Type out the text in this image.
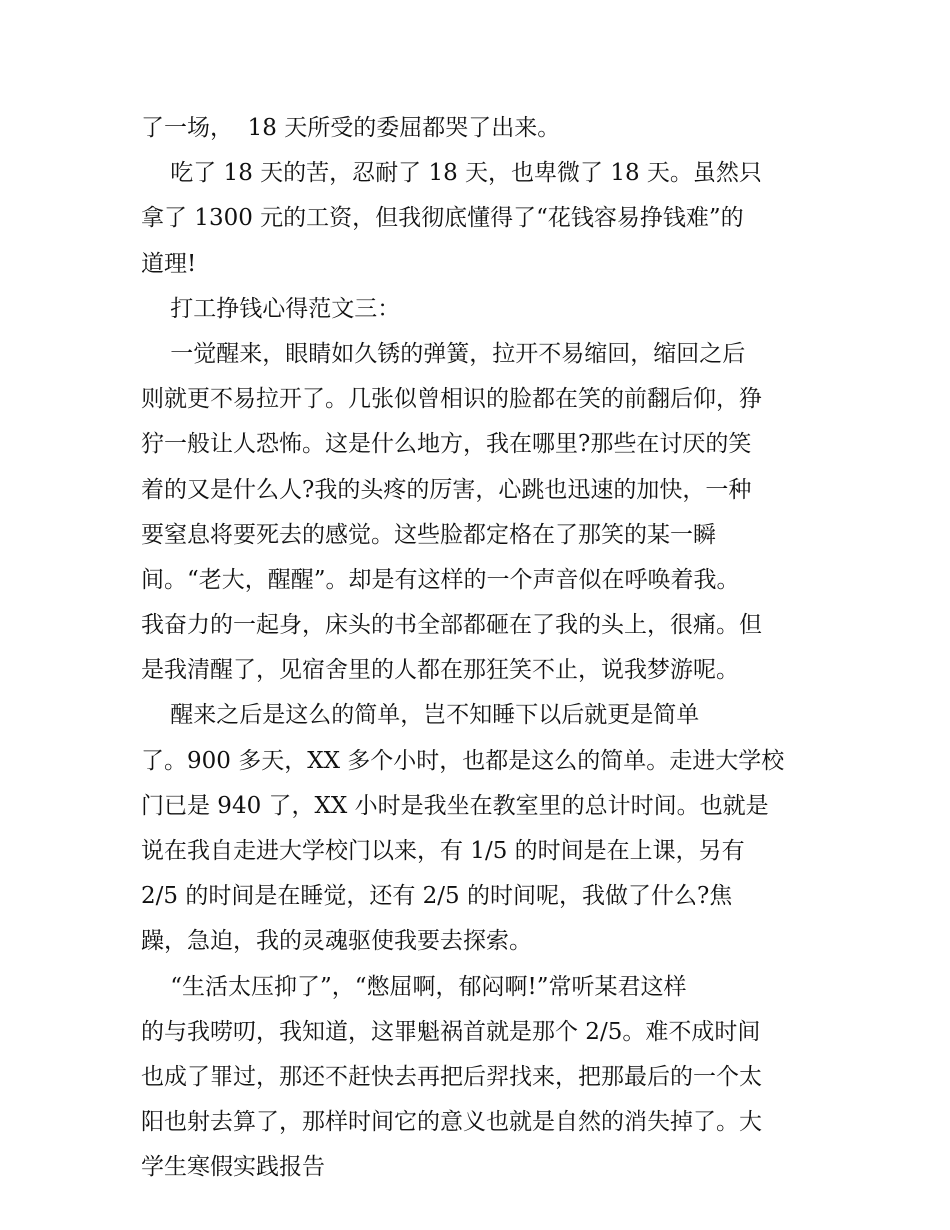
了一场，  18 天所受的委屈都哭了出来。
吃了 18 天的苦，忍耐了 18 天，也卑微了 18 天。虽然只
拿了 1300 元的工资，但我彻底懂得了“花钱容易挣钱难”的
道理!
打工挣钱心得范文三：
一觉醒来，眼睛如久锈的弹簧，拉开不易缩回，缩回之后
则就更不易拉开了。几张似曾相识的脸都在笑的前翻后仰，狰
狞一般让人恐怖。这是什么地方，我在哪里?那些在讨厌的笑
着的又是什么人?我的头疼的厉害，心跳也迅速的加快，一种
要窒息将要死去的感觉。这些脸都定格在了那笑的某一瞬
间。“老大，醒醒”。却是有这样的一个声音似在呼唤着我。
我奋力的一起身，床头的书全部都砸在了我的头上，很痛。但
是我清醒了，见宿舍里的人都在那狂笑不止，说我梦游呢。
醒来之后是这么的简单，岂不知睡下以后就更是简单
了。900 多天，XX 多个小时，也都是这么的简单。走进大学校
门已是 940 了，XX 小时是我坐在教室里的总计时间。也就是
说在我自走进大学校门以来，有 1/5 的时间是在上课，另有
2/5 的时间是在睡觉，还有 2/5 的时间呢，我做了什么?焦
躁，急迫，我的灵魂驱使我要去探索。
“生活太压抑了”，“憋屈啊，郁闷啊!”常听某君这样
的与我唠叨，我知道，这罪魁祸首就是那个 2/5。难不成时间
也成了罪过，那还不赶快去再把后羿找来，把那最后的一个太
阳也射去算了，那样时间它的意义也就是自然的消失掉了。大
学生寒假实践报告
